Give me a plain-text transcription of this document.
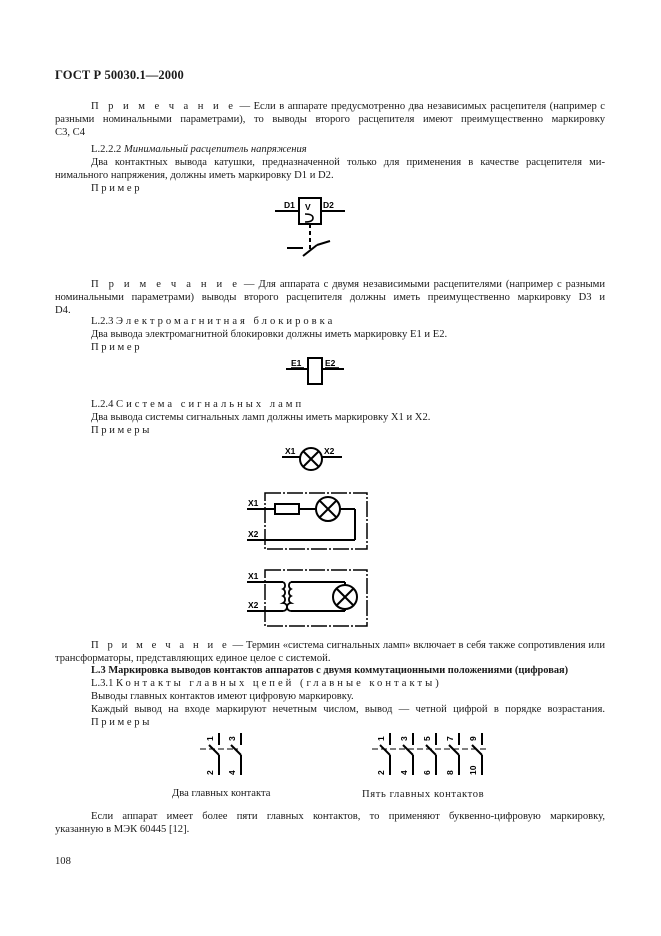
ГОСТ Р 50030.1—2000
П р и м е ч а н и е — Если в аппарате предусмотренно два независимых расцепителя (например с
разными номинальными параметрами), то выводы второго расцепителя имеют преимущественно маркировку
С3, С4
L.2.2.2 Минимальный расцепитель напряжения
Два контактных вывода катушки, предназначенной только для применения в качестве расцепителя ми-
нимального напряжения, должны иметь маркировку D1 и D2.
П р и м е р
D1	D2
V
П р и м е ч а н и е — Для аппарата с двумя независимыми расцепителями (например с разными
номинальными параметрами) выводы второго расцепителя должны иметь преимущественно маркировку D3 и
D4.
L.2.3 Электромагнитная блокировка
Два вывода электромагнитной блокировки должны иметь маркировку Е1 и Е2.
П р и м е р
E1	E2
L.2.4 Система сигнальных ламп
Два вывода системы сигнальных ламп должны иметь маркировку Х1 и Х2.
П р и м е р ы
X1	X2
X1
X2
X1
X2
П р и м е ч а н и е — Термин «система сигнальных ламп» включает в себя также сопротивления или
трансформаторы, представляющих единое целое с системой.
L.3 Маркировка выводов контактов аппаратов с двумя коммутационными положениями (цифровая)
L.3.1 Контакты главных цепей (главные контакты)
Выводы главных контактов имеют цифровую маркировку.
Каждый вывод на входе маркируют нечетным числом, вывод — четной цифрой в порядке возрастания.
П р и м е р ы
1 3
2 4
Два главных контакта
1 3 5 7 9
2 4 6 8 10
Пять главных контактов
Если аппарат имеет более пяти главных контактов, то применяют буквенно-цифровую маркировку,
указанную в МЭК 60445 [12].
108
